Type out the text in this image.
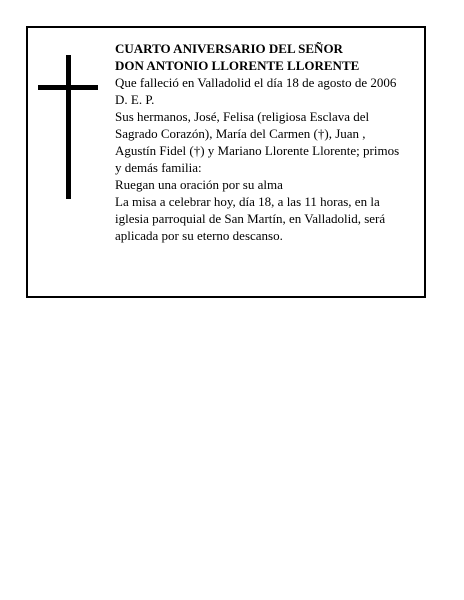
CUARTO ANIVERSARIO DEL SEÑOR
DON ANTONIO LLORENTE LLORENTE
Que falleció en Valladolid el día 18 de agosto de 2006
D. E. P.
Sus hermanos, José, Felisa (religiosa Esclava del
Sagrado Corazón), María del Carmen (†), Juan ,
Agustín Fidel (†) y Mariano Llorente Llorente; primos
y demás familia:
Ruegan una oración por su alma
La misa a celebrar hoy, día 18, a las 11 horas, en la
iglesia parroquial de San Martín, en Valladolid, será
aplicada por su eterno descanso.
